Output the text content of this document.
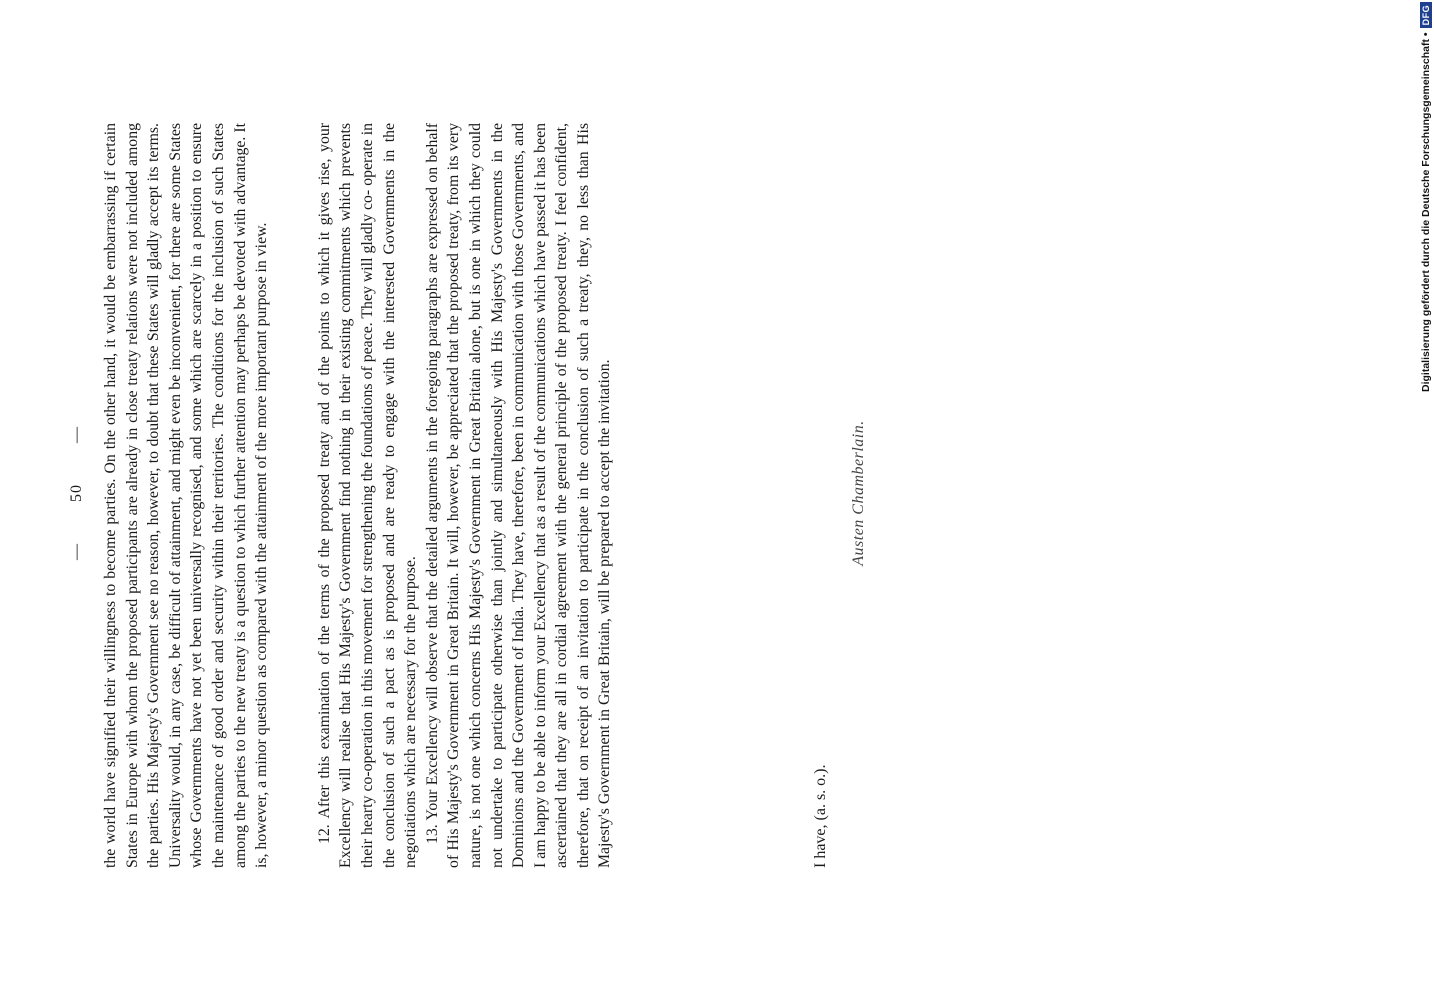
— 50 — the world have signified their willingness to become parties. On the other hand, it would be embarrassing if certain States in Europe with whom the proposed participants are already in close treaty relations were not included among the parties. His Majesty's Government see no reason, however, to doubt that these States will gladly accept its terms. Universality would, in any case, be difficult of attainment, and might even be inconvenient, for there are some States whose Governments have not yet been universally recognised, and some which are scarcely in a position to ensure the maintenance of good order and security within their territories. The conditions for the inclusion of such States among the parties to the new treaty is a question to which further attention may perhaps be devoted with advantage. It is, however, a minor question as compared with the attainment of the more important purpose in view.	12. After this examination of the terms of the proposed treaty and of the points to which it gives rise, your Excellency will realise that His Majesty's Government find nothing in their existing commitments which prevents their hearty co-operation in this movement for strengthening the foundations of peace. They will gladly co- operate in the conclusion of such a pact as is proposed and are ready to engage with the interested Governments in the negotiations which are necessary for the purpose. 13. Your Excellency will observe that the detailed arguments in the foregoing paragraphs are expressed on behalf of His Majesty's Government in Great Britain. It will, however, be appreciated that the proposed treaty, from its very nature, is not one which concerns His Majesty's Government in Great Britain alone, but is one in which they could not undertake to participate otherwise than jointly and simultaneously with His Majesty's Governments in the Dominions and the Government of India. They have, therefore, been in communication with those Governments, and I am happy to be able to inform your Excellency that as a result of the communications which have passed it has been ascertained that they are all in cordial agreement with the general principle of the proposed treaty. I feel confident, therefore, that on receipt of an invitation to participate in the conclusion of such a treaty, they, no less than His Majesty's Government in Great Britain, will be prepared to accept the invitation.	I have, (a. s. o.).
Austen Chamberlain.
Digitalisierung gefördert durch die Deutsche Forschungsgemeinschaft •
DFG
